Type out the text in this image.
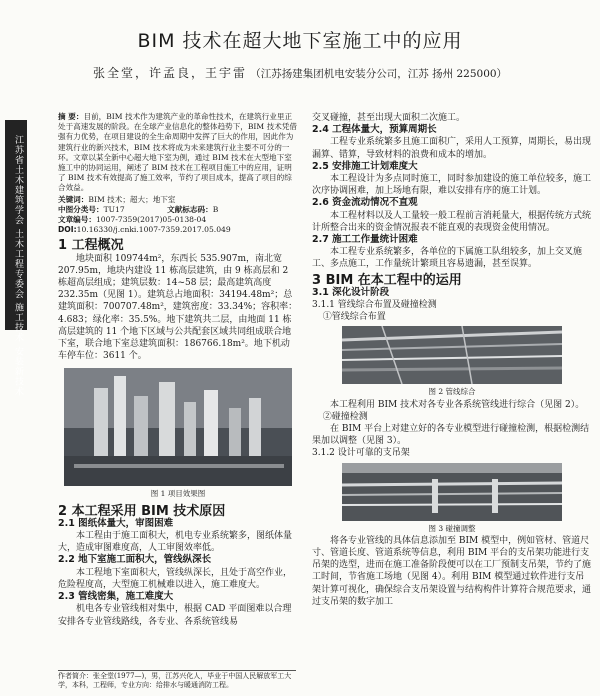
BIM 技术在超大地下室施工中的应用
张全堂，许孟良，王宇雷 （江苏扬建集团机电安装分公司，江苏 扬州 225000）
江苏省土木建筑学会 土木工程专委会 施工技术 安装新技术
摘 要：目前，BIM 技术作为建筑产业的革命性技术，在建筑行业里正处于高速发展的阶段。在全球产业信息化的整体趋势下，BIM 技术凭借强有力优势，在项目建设的全生命周期中发挥了巨大的作用，因此作为建筑行业的新兴技术，BIM 技术将成为未来建筑行业主要不可分的一环。文章以某全新中心超大地下室为例，通过 BIM 技术在大型地下室施工中的协同运用，阐述了 BIM 技术在工程项目施工中的应用，证明了 BIM 技术有效提高了施工效率，节约了项目成本，提高了项目的综合效益。
关键词：BIM 技术；超大；地下室
中图分类号：TU17	文献标志码：B
文章编号：1007-7359(2017)05-0138-04
DOI:10.16330/j.cnki.1007-7359.2017.05.049
1 工程概况

地块面积 109744m²，东西长 535.907m，南北宽 207.95m，地块内建设 11 栋高层建筑，由 9 栋高层和 2 栋超高层组成；建筑层数：14~58 层；最高建筑高度 232.35m（见图 1）。建筑总占地面积：34194.48m²；总建筑面积：700707.48m²，建筑密度：33.34%；容积率：4.683；绿化率：35.5%。地下建筑共二层，由地面 11 栋高层建筑的 11 个地下区域与公共配套区域共同组成联合地下室，联合地下室总建筑面积：186766.18m²。地下机动车停车位：3611 个。

图 1 项目效果图
2 本工程采用 BIM 技术原因
2.1 图纸体量大，审图困难

本工程由于施工面积大，机电专业系统繁多，图纸体量大，造成审图难度高，人工审图效率低。

2.2 地下室施工面积大，管线纵深长

本工程地下室面积大，管线纵深长，且处于高空作业，危险程度高，大型施工机械难以进入，施工难度大。

2.3 管线密集，施工难度大

机电各专业管线相对集中，根据 CAD 平面图难以合理安排各专业管线路线，各专业、各系统管线易

作者简介：张全堂(1977—)，男，江苏兴化人，毕业于中国人民解放军工大学，本科，工程师，专业方向：给排水与暖通消防工程。

交叉碰撞，甚至出现大面积二次施工。

2.4 工程体量大，预算周期长

工程专业系统繁多且施工面积广，采用人工预算，周期长，易出现漏算、错算，导致材料的浪费和成本的增加。

2.5 安排施工计划难度大

本工程设计为多点同时施工，同时参加建设的施工单位较多，施工次序协调困难，加上场地有限，难以安排有序的施工计划。

2.6 资金流动情况不直观

本工程材料以及人工量较一般工程前言消耗量大，根据传统方式统计所整合出来的资金情况报表不能直观的表现资金使用情况。

2.7 施工工作量统计困难

本工程专业系统繁多，各单位的下属施工队组较多，加上交叉施工、多点施工，工作量统计繁琐且容易遗漏，甚至误算。

3 BIM 在本工程中的运用
3.1 深化设计阶段
3.1.1 管线综合布置及碰撞检测
①管线综合布置
图 2 管线综合

本工程利用 BIM 技术对各专业各系统管线进行综合（见图 2）。

②碰撞检测

在 BIM 平台上对建立好的各专业模型进行碰撞检测，根据检测结果加以调整（见图 3）。

3.1.2 设计可靠的支吊架
图 3 碰撞调整

将各专业管线的具体信息添加至 BIM 模型中，例如管材、管道尺寸、管道长度、管道系统等信息，利用 BIM 平台的支吊架功能进行支吊架的选型，进而在施工准备阶段便可以在工厂预制支吊架，节约了施工时间，节省施工场地（见图 4）。利用 BIM 模型通过软件进行支吊架计算可视化，确保综合支吊架设置与结构构件计算符合规范要求，通过支吊架的数字加工
